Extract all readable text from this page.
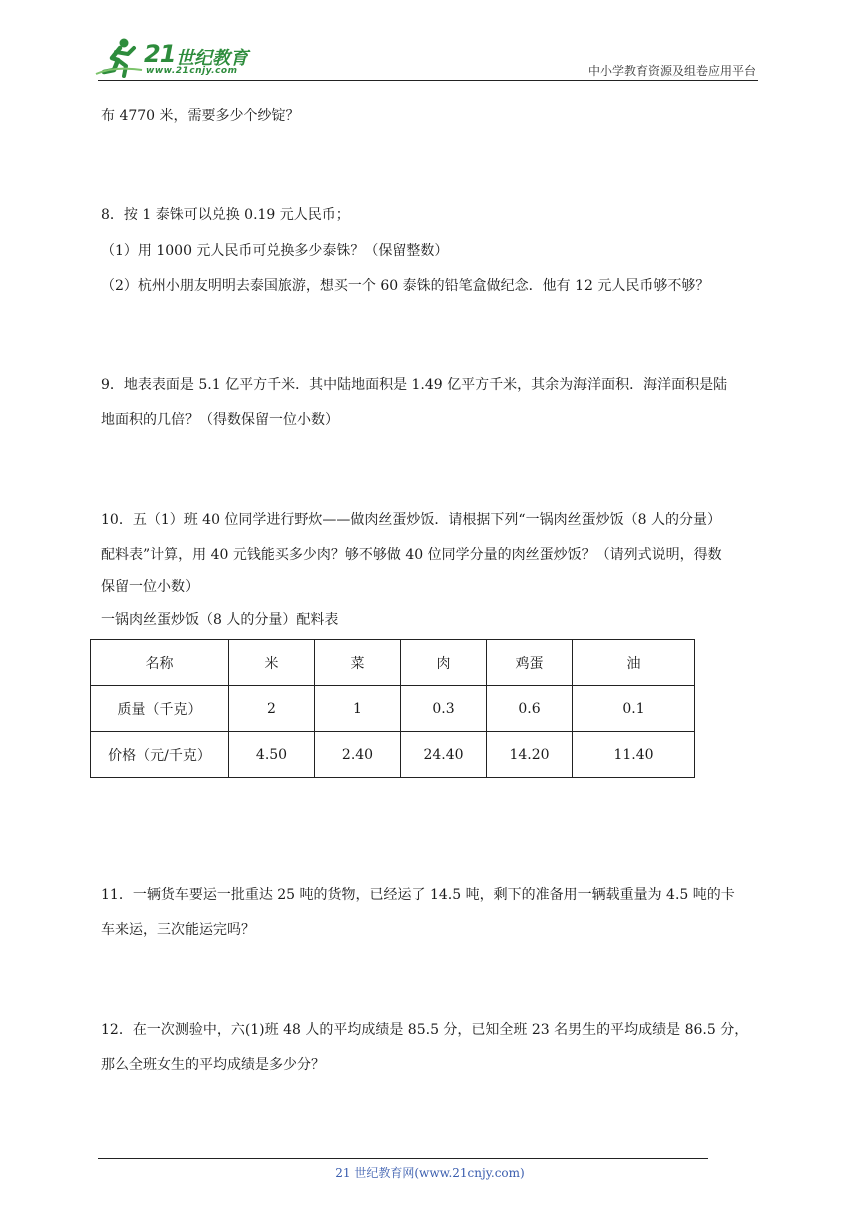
21 世纪教育
www.21cnjy.com	中小学教育资源及组卷应用平台
布 4770 米，需要多少个纱锭？
8．按 1 泰铢可以兑换 0.19 元人民币；
（1）用 1000 元人民币可兑换多少泰铢？（保留整数）
（2）杭州小朋友明明去泰国旅游，想买一个 60 泰铢的铅笔盒做纪念．他有 12 元人民币够不够？
9．地表表面是 5.1 亿平方千米．其中陆地面积是 1.49 亿平方千米，其余为海洋面积．海洋面积是陆
地面积的几倍？（得数保留一位小数）
10．五（1）班 40 位同学进行野炊——做肉丝蛋炒饭．请根据下列“一锅肉丝蛋炒饭（8 人的分量）
配料表”计算，用 40 元钱能买多少肉？够不够做 40 位同学分量的肉丝蛋炒饭？（请列式说明，得数
保留一位小数）
一锅肉丝蛋炒饭（8 人的分量）配料表
名称	米	菜	肉	鸡蛋	油
质量（千克）	2	1	0.3	0.6	0.1
价格（元/千克）	4.50	2.40	24.40	14.20	11.40
11．一辆货车要运一批重达 25 吨的货物，已经运了 14.5 吨，剩下的准备用一辆载重量为 4.5 吨的卡
车来运，三次能运完吗？
12．在一次测验中，六(1)班 48 人的平均成绩是 85.5 分，已知全班 23 名男生的平均成绩是 86.5 分，
那么全班女生的平均成绩是多少分？
21 世纪教育网(www.21cnjy.com)
